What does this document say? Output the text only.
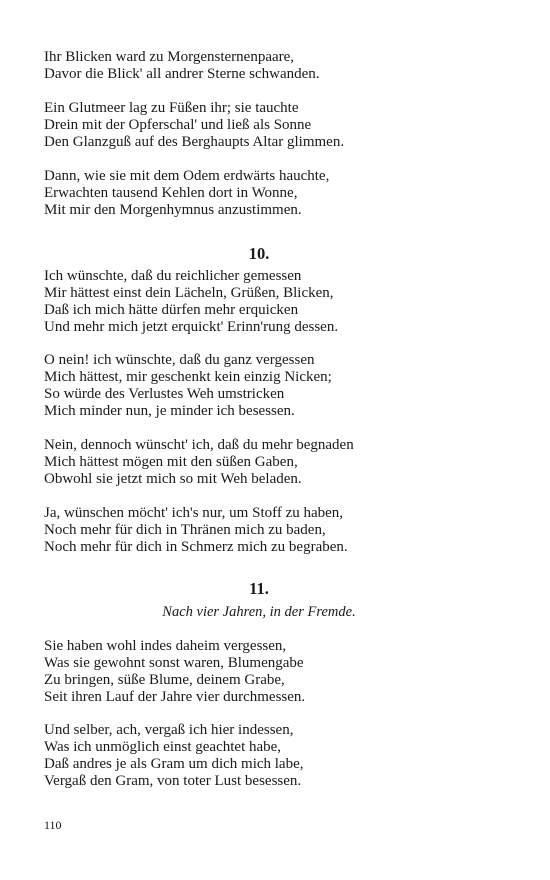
Ihr Blicken ward zu Morgensternenpaare,
Davor die Blick' all andrer Sterne schwanden.
Ein Glutmeer lag zu Füßen ihr; sie tauchte
Drein mit der Opferschal' und ließ als Sonne
Den Glanzguß auf des Berghaupts Altar glimmen.
Dann, wie sie mit dem Odem erdwärts hauchte,
Erwachten tausend Kehlen dort in Wonne,
Mit mir den Morgenhymnus anzustimmen.
10.
Ich wünschte, daß du reichlicher gemessen
Mir hättest einst dein Lächeln, Grüßen, Blicken,
Daß ich mich hätte dürfen mehr erquicken
Und mehr mich jetzt erquickt' Erinn'rung dessen.
O nein! ich wünschte, daß du ganz vergessen
Mich hättest, mir geschenkt kein einzig Nicken;
So würde des Verlustes Weh umstricken
Mich minder nun, je minder ich besessen.
Nein, dennoch wünscht' ich, daß du mehr begnaden
Mich hättest mögen mit den süßen Gaben,
Obwohl sie jetzt mich so mit Weh beladen.
Ja, wünschen möcht' ich's nur, um Stoff zu haben,
Noch mehr für dich in Thränen mich zu baden,
Noch mehr für dich in Schmerz mich zu begraben.
11.
Nach vier Jahren, in der Fremde.
Sie haben wohl indes daheim vergessen,
Was sie gewohnt sonst waren, Blumengabe
Zu bringen, süße Blume, deinem Grabe,
Seit ihren Lauf der Jahre vier durchmessen.
Und selber, ach, vergaß ich hier indessen,
Was ich unmöglich einst geachtet habe,
Daß andres je als Gram um dich mich labe,
Vergaß den Gram, von toter Lust besessen.
110
